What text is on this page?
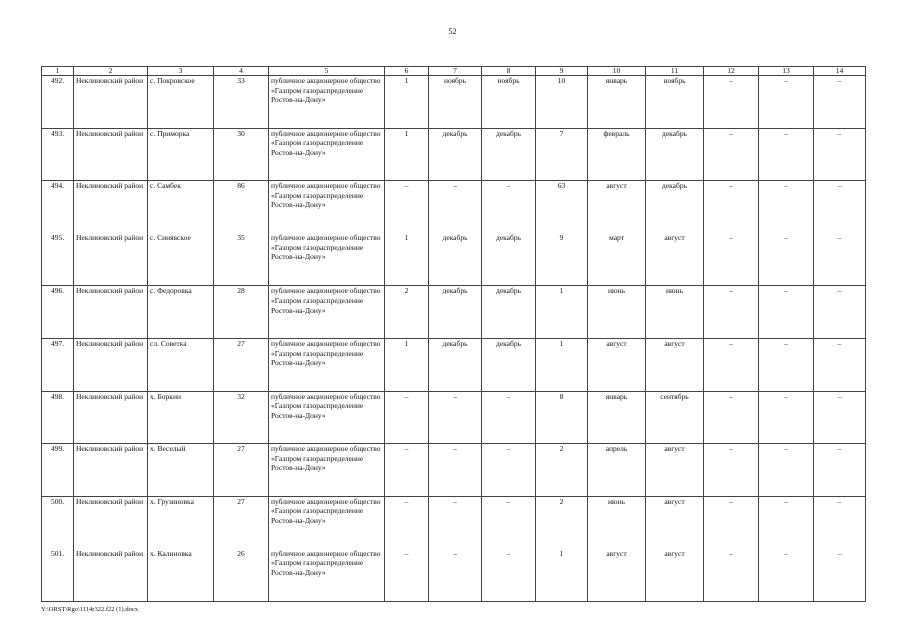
52
1	2	3	4	5	6	7	8	9	10	11	12	13	14
492.	Неклиновский район	с. Покровское	33	публичное акционерное общество «Газпром газораспределение Ростов-на-Дону»	1	ноябрь	ноябрь	10	январь	ноябрь	–	–	–
493.	Неклиновский район	с. Приморка	30	публичное акционерное общество «Газпром газораспределение Ростов-на-Дону»	1	декабрь	декабрь	7	февраль	декабрь	–	–	–
494.	Неклиновский район	с. Самбек	86	публичное акционерное общество «Газпром газораспределение Ростов-на-Дону»	–	–	–	63	август	декабрь	–	–	–
495.	Неклиновский район	с. Синявское	35	публичное акционерное общество «Газпром газораспределение Ростов-на-Дону»	1	декабрь	декабрь	9	март	август	–	–	–
496.	Неклиновский район	с. Федоровка	28	публичное акционерное общество «Газпром газораспределение Ростов-на-Дону»	2	декабрь	декабрь	1	июнь	июнь	–	–	–
497.	Неклиновский район	сл. Советка	27	публичное акционерное общество «Газпром газораспределение Ростов-на-Дону»	1	декабрь	декабрь	1	август	август	–	–	–
498.	Неклиновский район	х. Боркин	32	публичное акционерное общество «Газпром газораспределение Ростов-на-Дону»	–	–	–	8	январь	сентябрь	–	–	–
499.	Неклиновский район	х. Веселый	27	публичное акционерное общество «Газпром газораспределение Ростов-на-Дону»	–	–	–	2	апрель	август	–	–	–
500.	Неклиновский район	х. Грузиновка	27	публичное акционерное общество «Газпром газораспределение Ростов-на-Дону»	–	–	–	2	июнь	август	–	–	–
501.	Неклиновский район	х. Калиновка	26	публичное акционерное общество «Газпром газораспределение Ростов-на-Дону»	–	–	–	1	август	август	–	–	–
Y:\ORST\Rgo\1114r322.f22 (1).docx
